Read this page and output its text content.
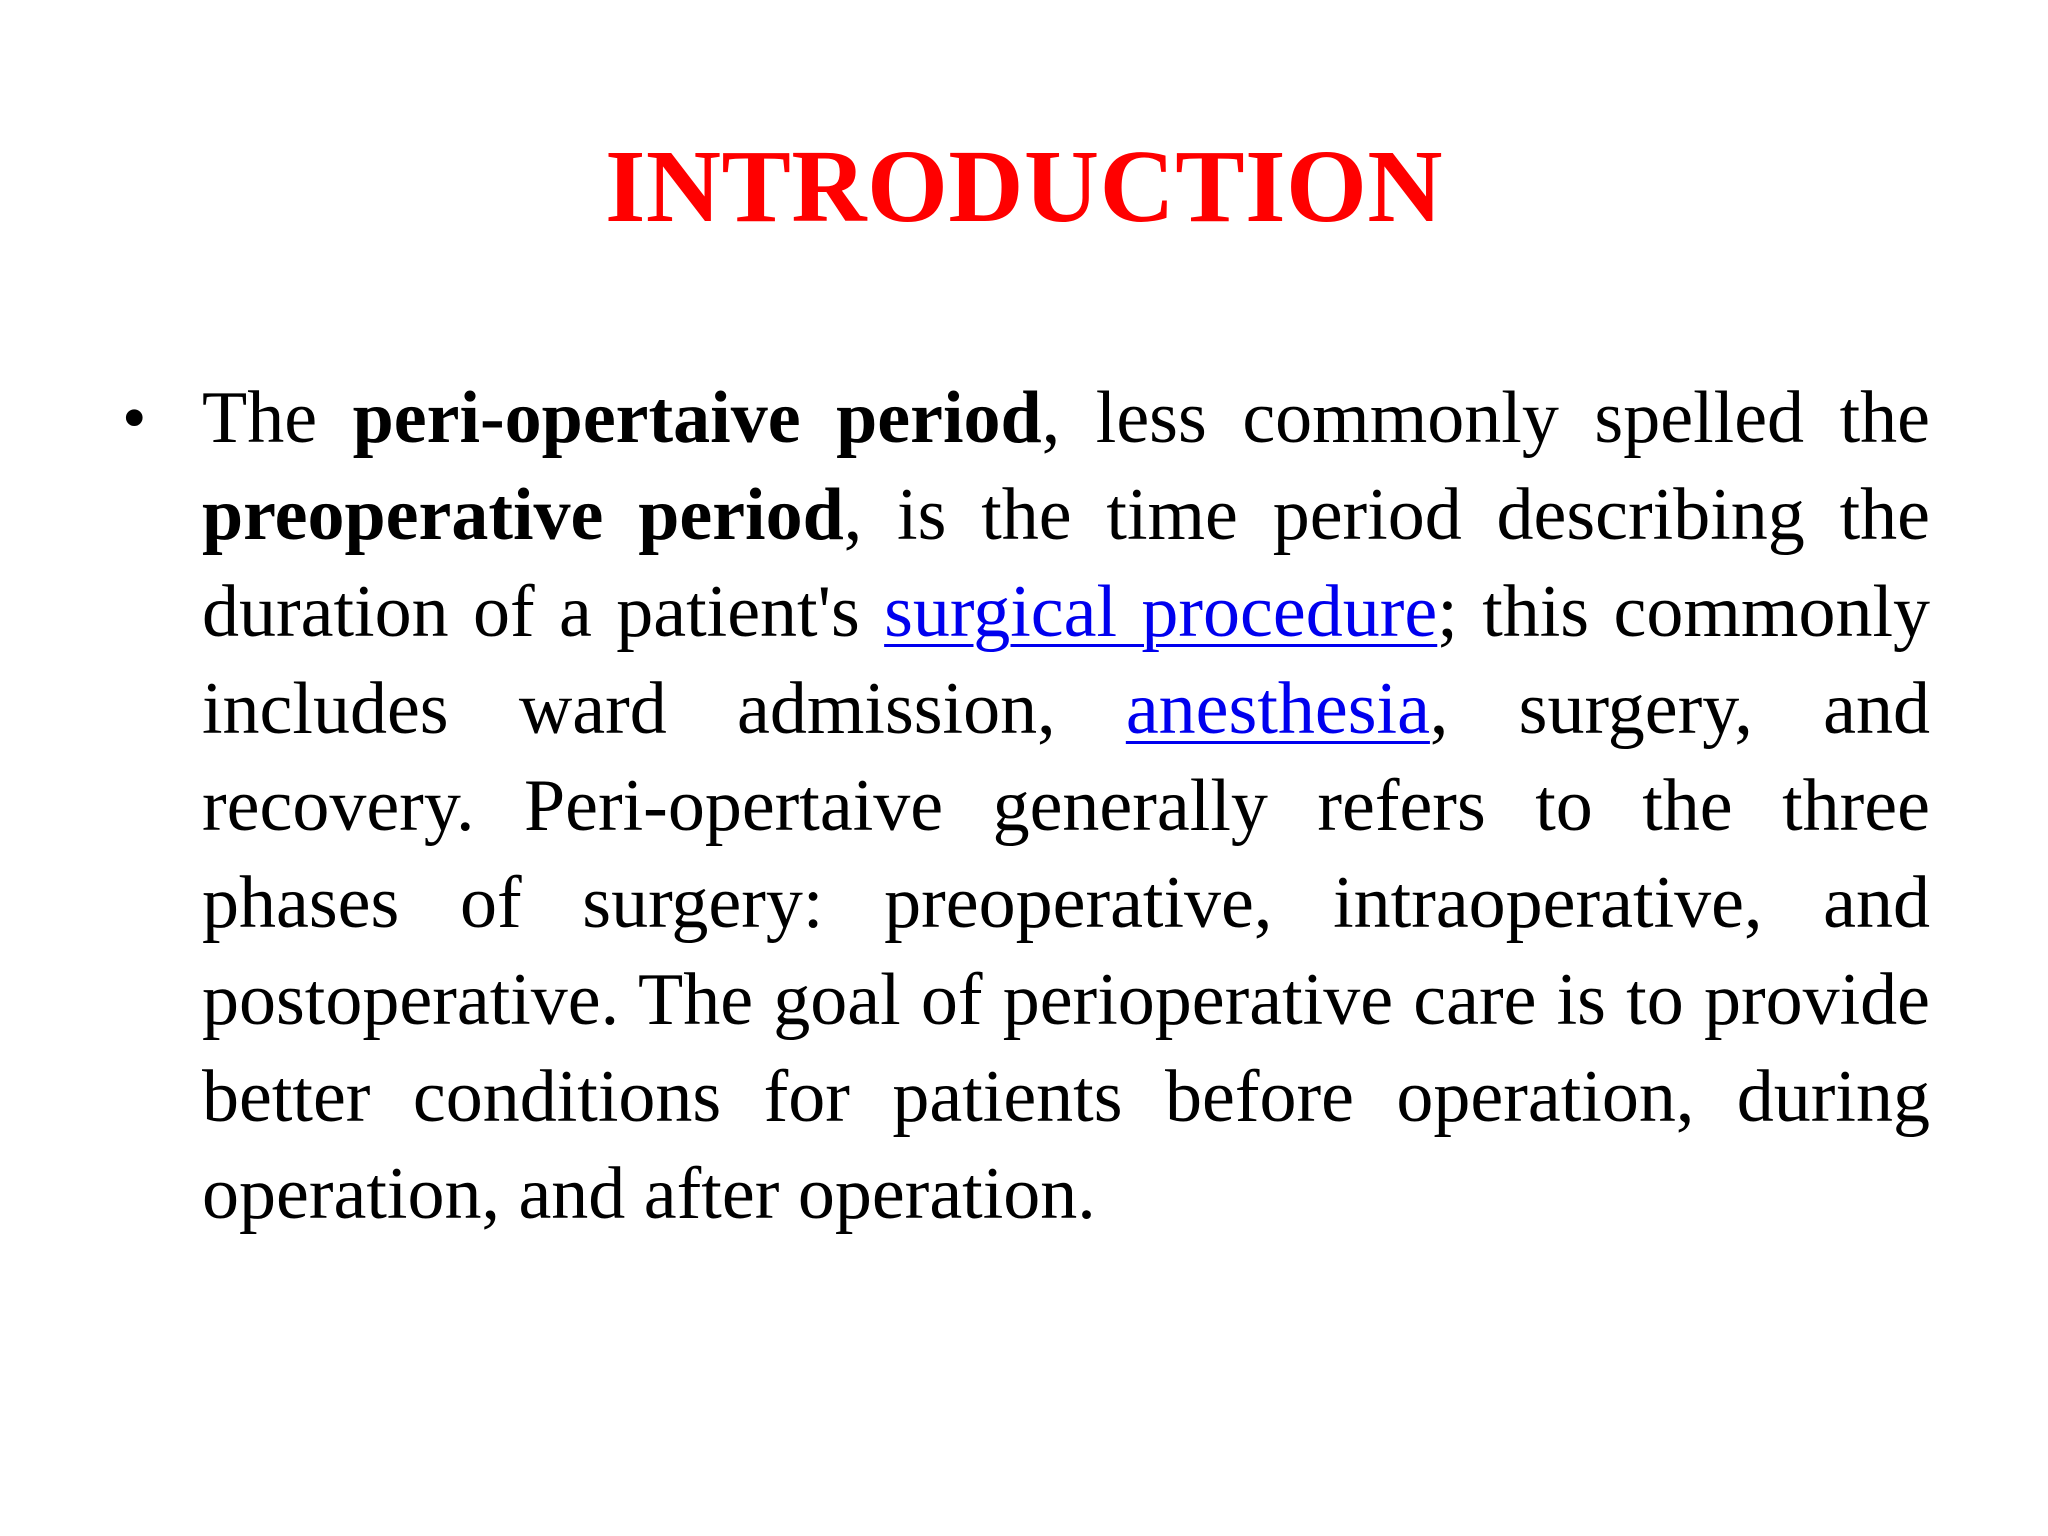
INTRODUCTION
• The peri-opertaive period, less commonly spelled the preoperative period, is the time period describing the duration of a patient's surgical procedure; this commonly includes ward admission, anesthesia, surgery, and recovery. Peri-opertaive generally refers to the three phases of surgery: preoperative, intraoperative, and postoperative. The goal of perioperative care is to provide better conditions for patients before operation, during operation, and after operation.
